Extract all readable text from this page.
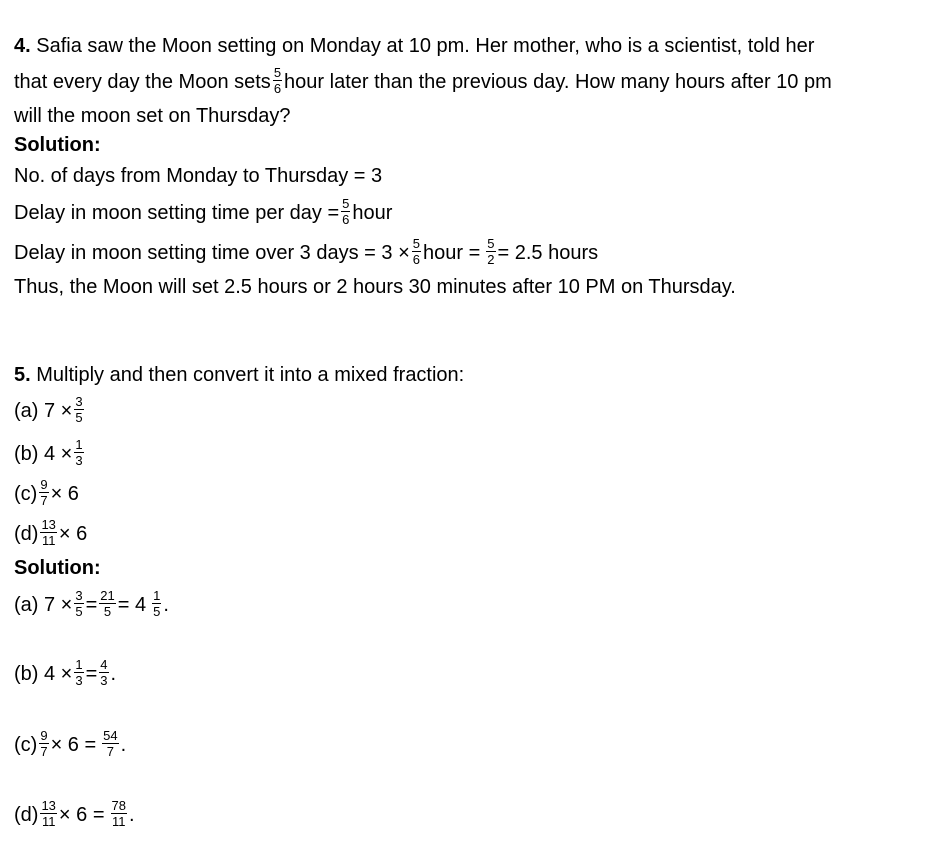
4. Safia saw the Moon setting on Monday at 10 pm. Her mother, who is a scientist, told her
that every day the Moon sets $\frac{5}{6}$ hour later than the previous day. How many hours after 10 pm
will the moon set on Thursday?
Solution:
No. of days from Monday to Thursday = 3
Delay in moon setting time per day = $\frac{5}{6}$ hour
Delay in moon setting time over 3 days = $3 \times \frac{5}{6}$ hour = $\frac{5}{2} = 2.5$ hours
Thus, the Moon will set 2.5 hours or 2 hours 30 minutes after 10 PM on Thursday.
5. Multiply and then convert it into a mixed fraction:
(a) $7 \times \frac{3}{5}$
(b) $4 \times \frac{1}{3}$
$(c) \frac{9}{7} \times 6$
$(d) \frac{13}{11} \times 6$
Solution:
(a) $7 \times \frac{3}{5} = \frac{21}{5} = 4 \frac{1}{5}$ .
(b) $4 \times \frac{1}{3} = \frac{4}{3}$ .
$(c) \frac{9}{7} \times 6 = \frac{54}{7}$ .
$(d) \frac{13}{11} \times 6 = \frac{78}{11}$ .
